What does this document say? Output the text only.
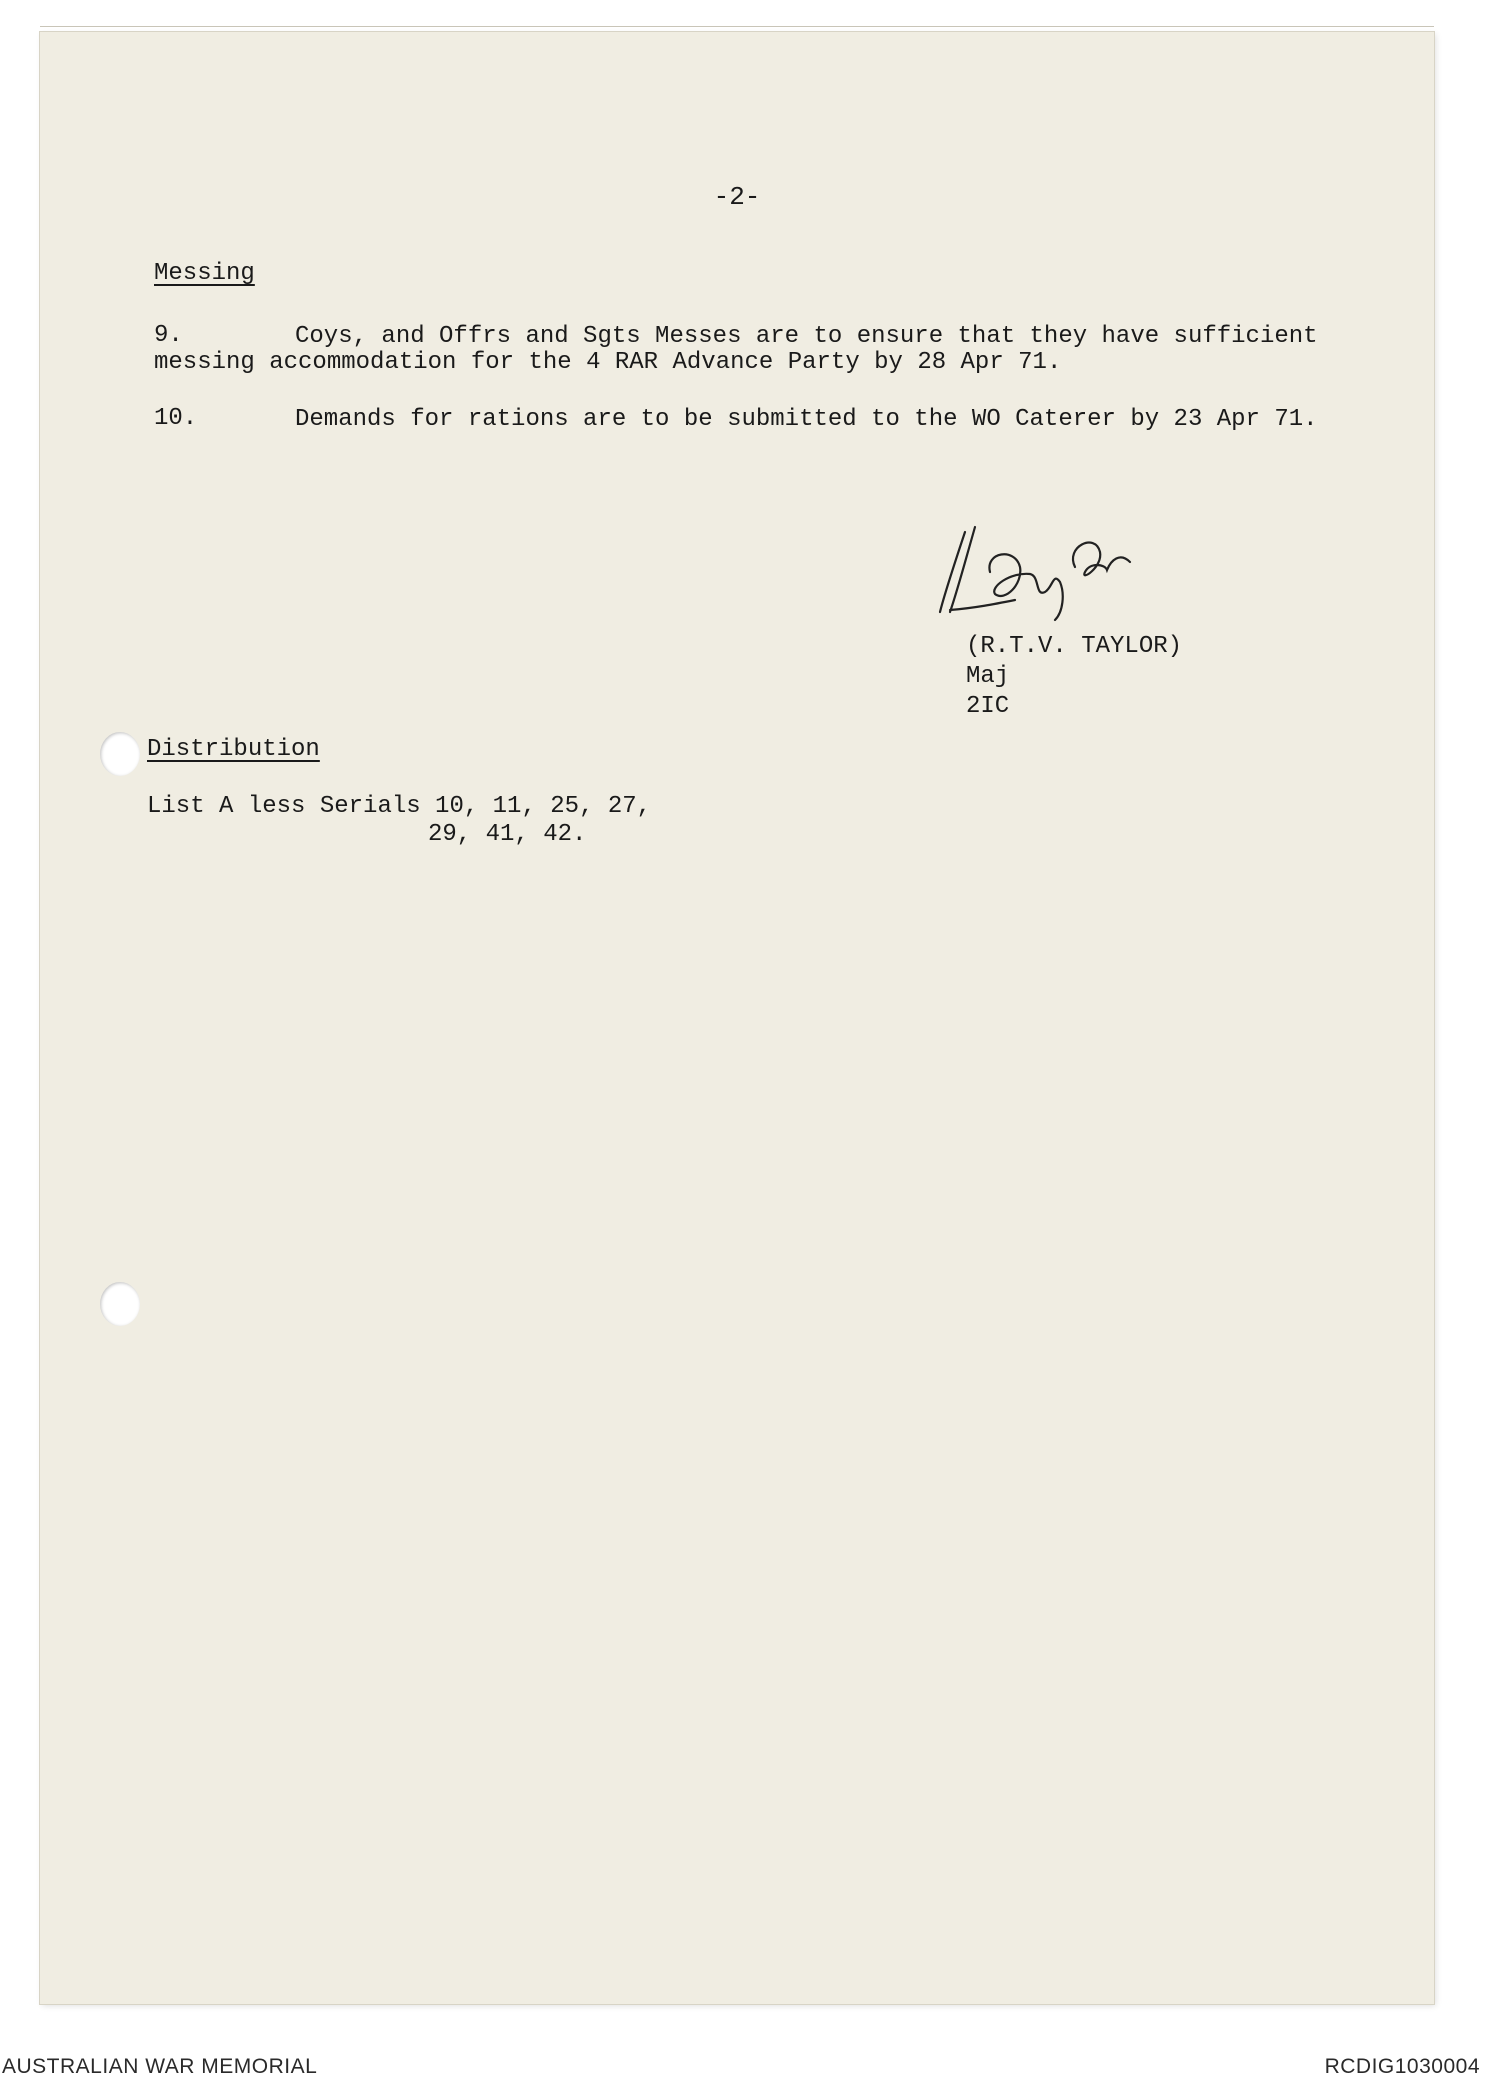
-2-
Messing
9.	Coys, and Offrs and Sgts Messes are to ensure that they have sufficient
messing accommodation for the 4 RAR Advance Party by 28 Apr 71.
10.	Demands for rations are to be submitted to the WO Caterer by 23 Apr 71.
(R.T.V. TAYLOR)
Maj
2IC
Distribution
List A less Serials 10, 11, 25, 27,
29, 41, 42.
AUSTRALIAN WAR MEMORIAL	RCDIG1030004
